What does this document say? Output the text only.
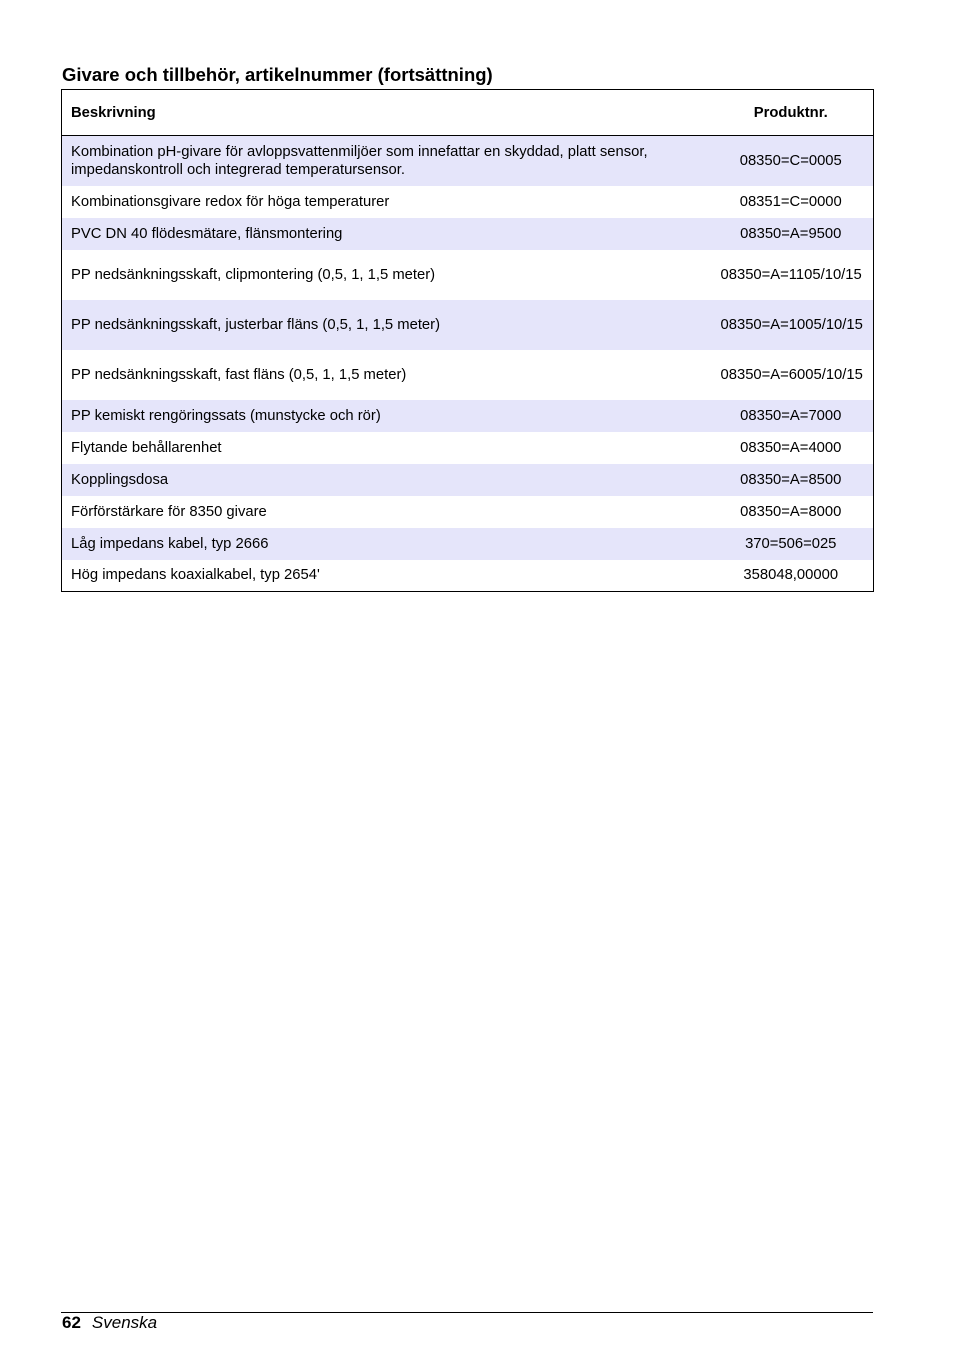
Givare och tillbehör, artikelnummer (fortsättning)
Beskrivning	Produktnr.
Kombination pH-givare för avloppsvattenmiljöer som innefattar en skyddad, platt sensor, impedanskontroll och integrerad temperatursensor.	08350=C=0005
Kombinationsgivare redox för höga temperaturer	08351=C=0000
PVC DN 40 flödesmätare, flänsmontering	08350=A=9500
PP nedsänkningsskaft, clipmontering (0,5, 1, 1,5 meter)	08350=A=1105/10/15
PP nedsänkningsskaft, justerbar fläns (0,5, 1, 1,5 meter)	08350=A=1005/10/15
PP nedsänkningsskaft, fast fläns (0,5, 1, 1,5 meter)	08350=A=6005/10/15
PP kemiskt rengöringssats (munstycke och rör)	08350=A=7000
Flytande behållarenhet	08350=A=4000
Kopplingsdosa	08350=A=8500
Förförstärkare för 8350 givare	08350=A=8000
Låg impedans kabel, typ 2666	370=506=025
Hög impedans koaxialkabel, typ 2654'	358048,00000
62 Svenska
